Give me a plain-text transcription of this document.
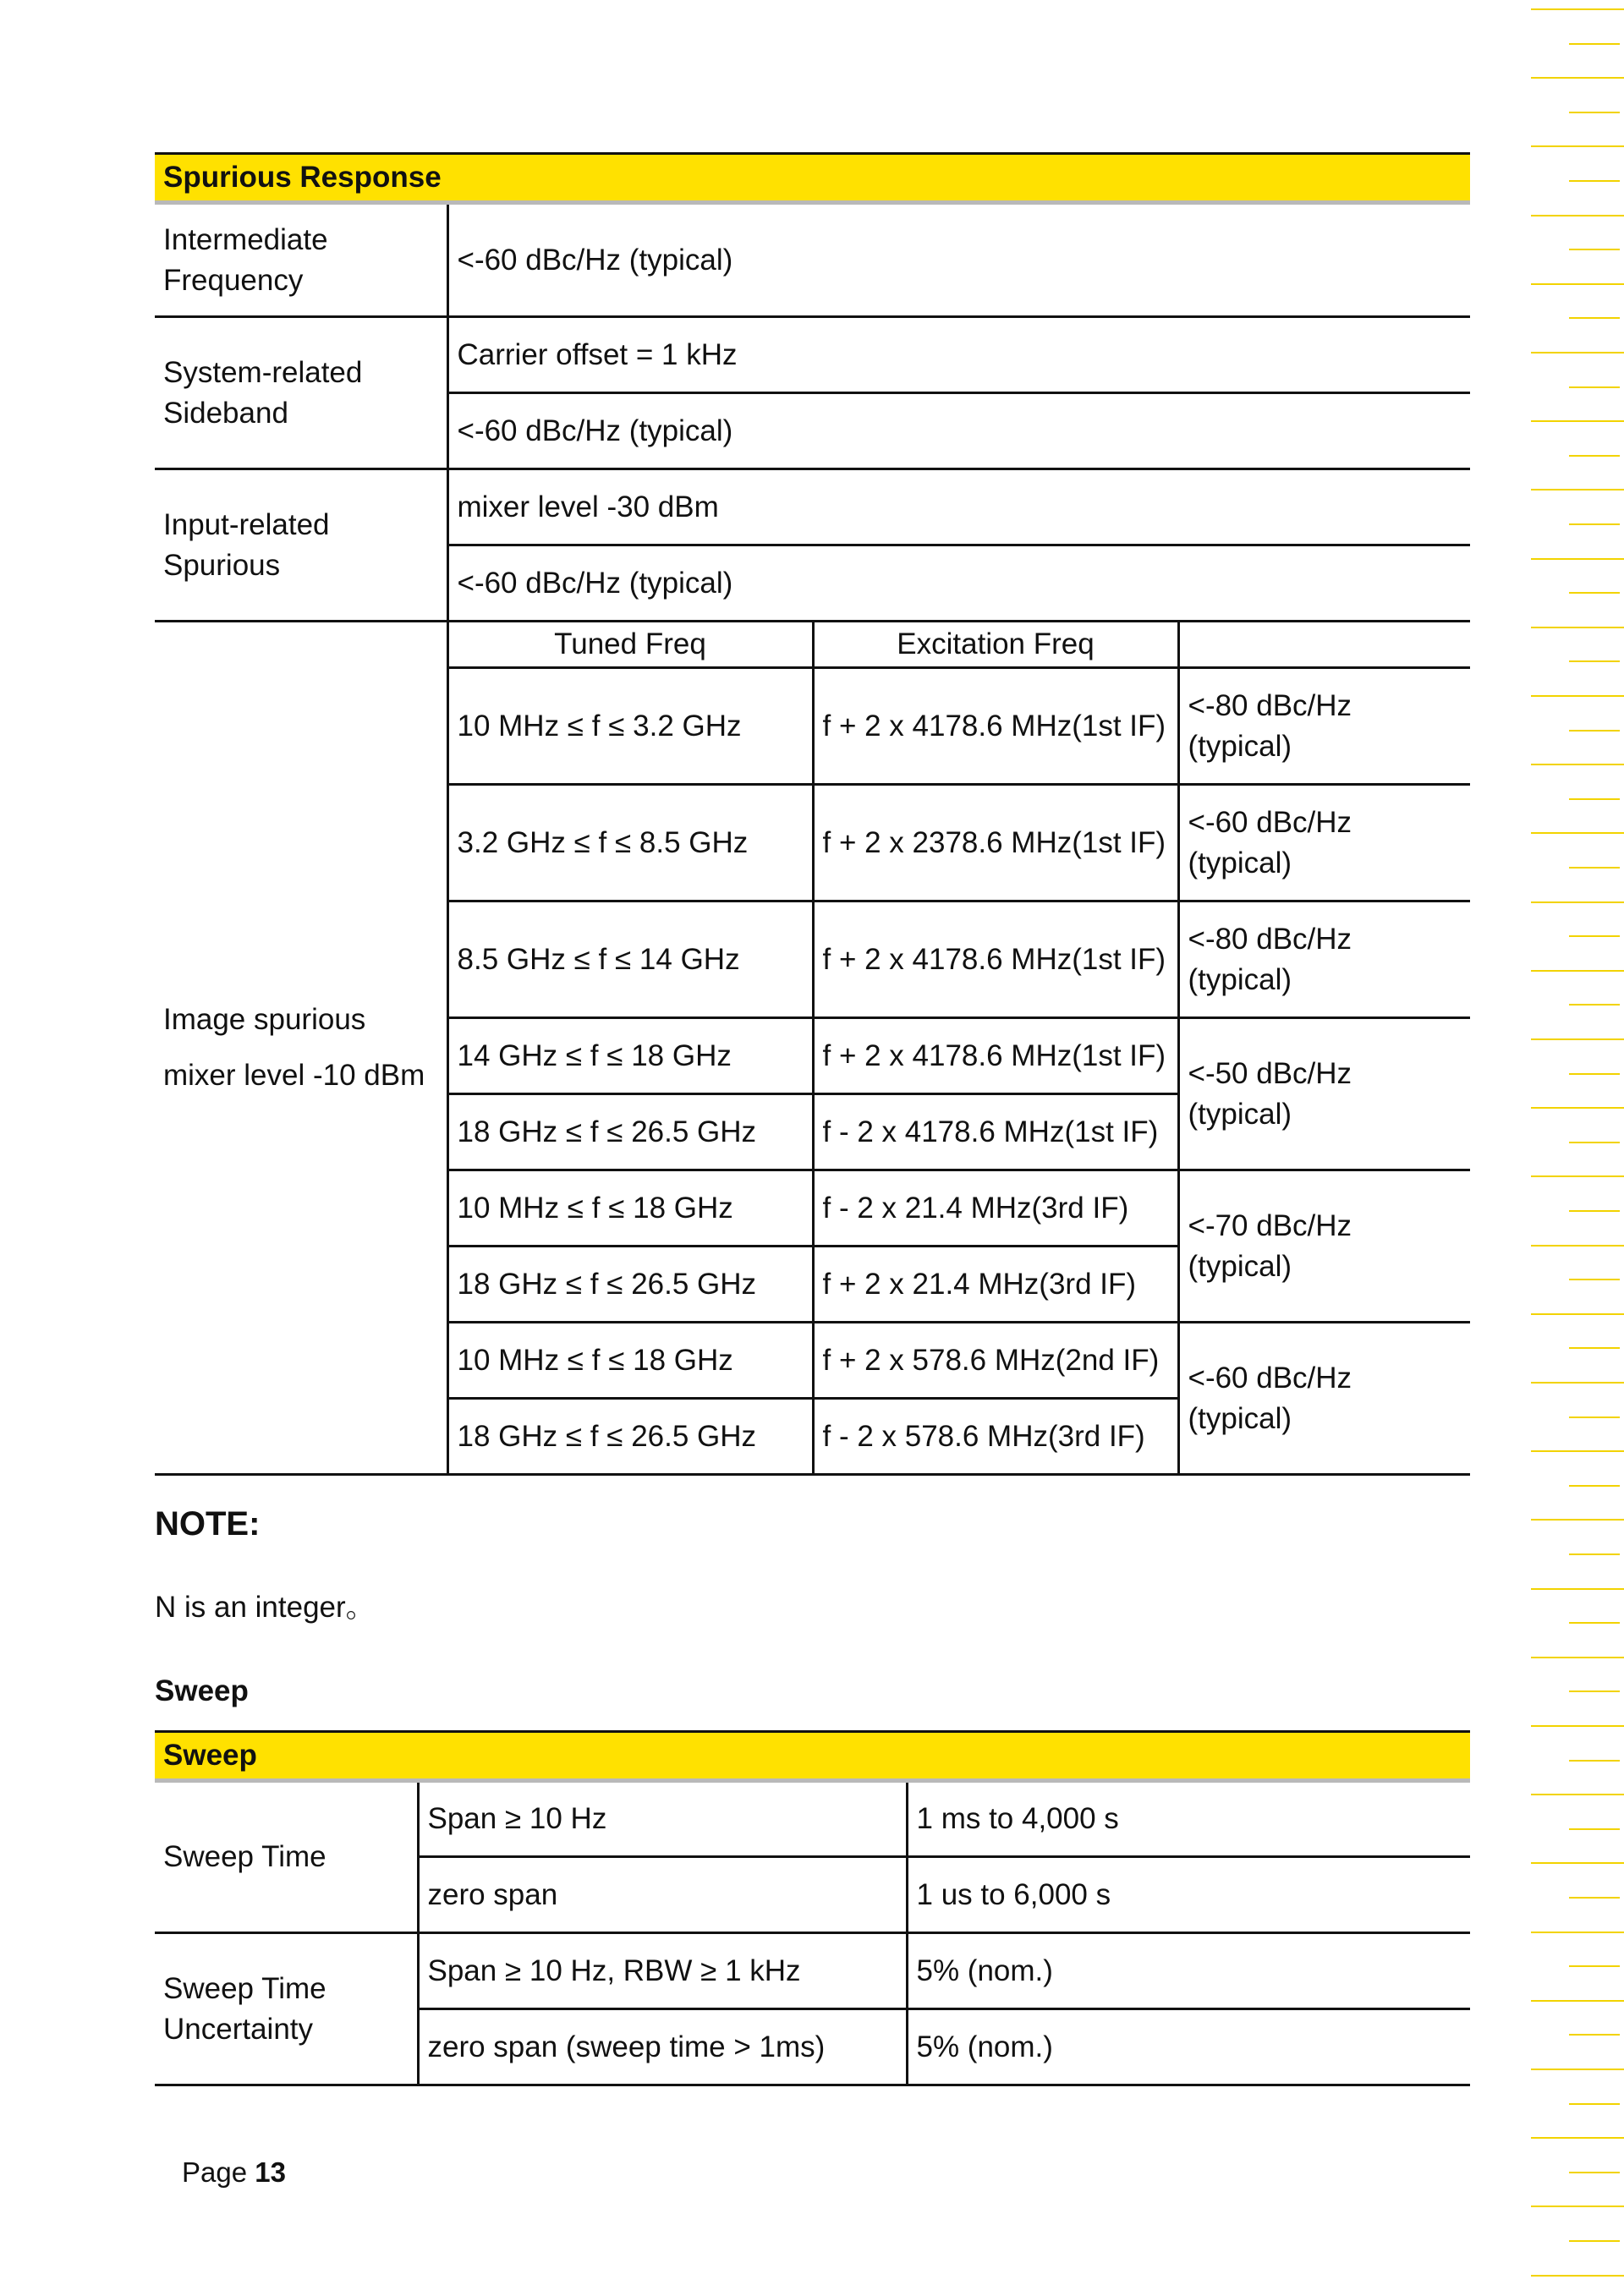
Spurious Response			
Intermediate Frequency	<-60 dBc/Hz (typical)		
System-related Sideband	Carrier offset = 1 kHz		
	<-60 dBc/Hz (typical)		
Input-related Spurious	mixer level -30 dBm		
	<-60 dBc/Hz (typical)		

Image spurious
mixer level -10 dBm	Tuned Freq	Excitation Freq	
	10 MHz ≤ f ≤ 3.2 GHz	f + 2 x 4178.6 MHz(1st IF)	<-80 dBc/Hz (typical)
	3.2 GHz ≤ f ≤ 8.5 GHz	f + 2 x 2378.6 MHz(1st IF)	<-60 dBc/Hz (typical)
	8.5 GHz ≤ f ≤ 14 GHz	f + 2 x 4178.6 MHz(1st IF)	<-80 dBc/Hz (typical)
	14 GHz ≤ f ≤ 18 GHz	f + 2 x 4178.6 MHz(1st IF)	<-50 dBc/Hz (typical)
	18 GHz ≤ f ≤ 26.5 GHz	f - 2 x 4178.6 MHz(1st IF)	
	10 MHz ≤ f ≤ 18 GHz	f - 2 x 21.4 MHz(3rd IF)	<-70 dBc/Hz (typical)
	18 GHz ≤ f ≤ 26.5 GHz	f + 2 x 21.4 MHz(3rd IF)	
	10 MHz ≤ f ≤ 18 GHz	f + 2 x 578.6 MHz(2nd IF)	<-60 dBc/Hz (typical)
	18 GHz ≤ f ≤ 26.5 GHz	f - 2 x 578.6 MHz(3rd IF)	
NOTE:
N is an integer。
Sweep
Sweep		
Sweep Time	Span ≥ 10 Hz	1 ms to 4,000 s
	zero span	1 us to 6,000 s
Sweep Time Uncertainty	Span ≥ 10 Hz, RBW ≥ 1 kHz	5% (nom.)
	zero span (sweep time > 1ms)	5% (nom.)
Page 13
